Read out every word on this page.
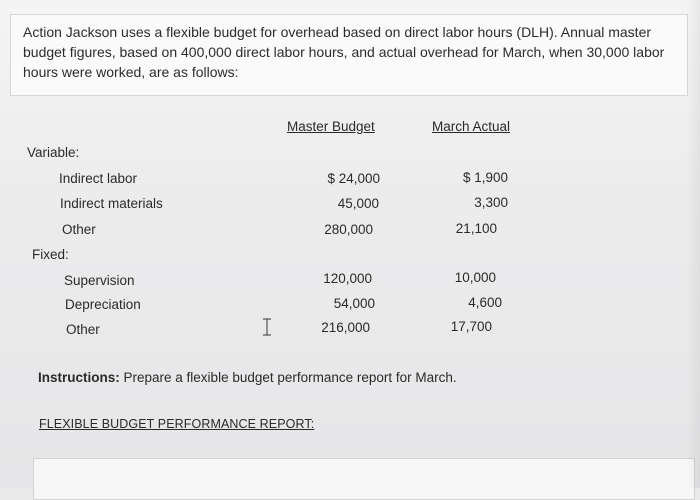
Action Jackson uses a flexible budget for overhead based on direct labor hours (DLH). Annual master budget figures, based on 400,000 direct labor hours, and actual overhead for March, when 30,000 labor hours were worked, are as follows:

Master Budget	March Actual
Variable:
Indirect labor	$ 24,000	$ 1,900
Indirect materials	45,000	3,300
Other	280,000	21,100
Fixed:
Supervision	120,000	10,000
Depreciation	54,000	4,600
Other	216,000	17,700
Instructions: Prepare a flexible budget performance report for March.
FLEXIBLE BUDGET PERFORMANCE REPORT:
